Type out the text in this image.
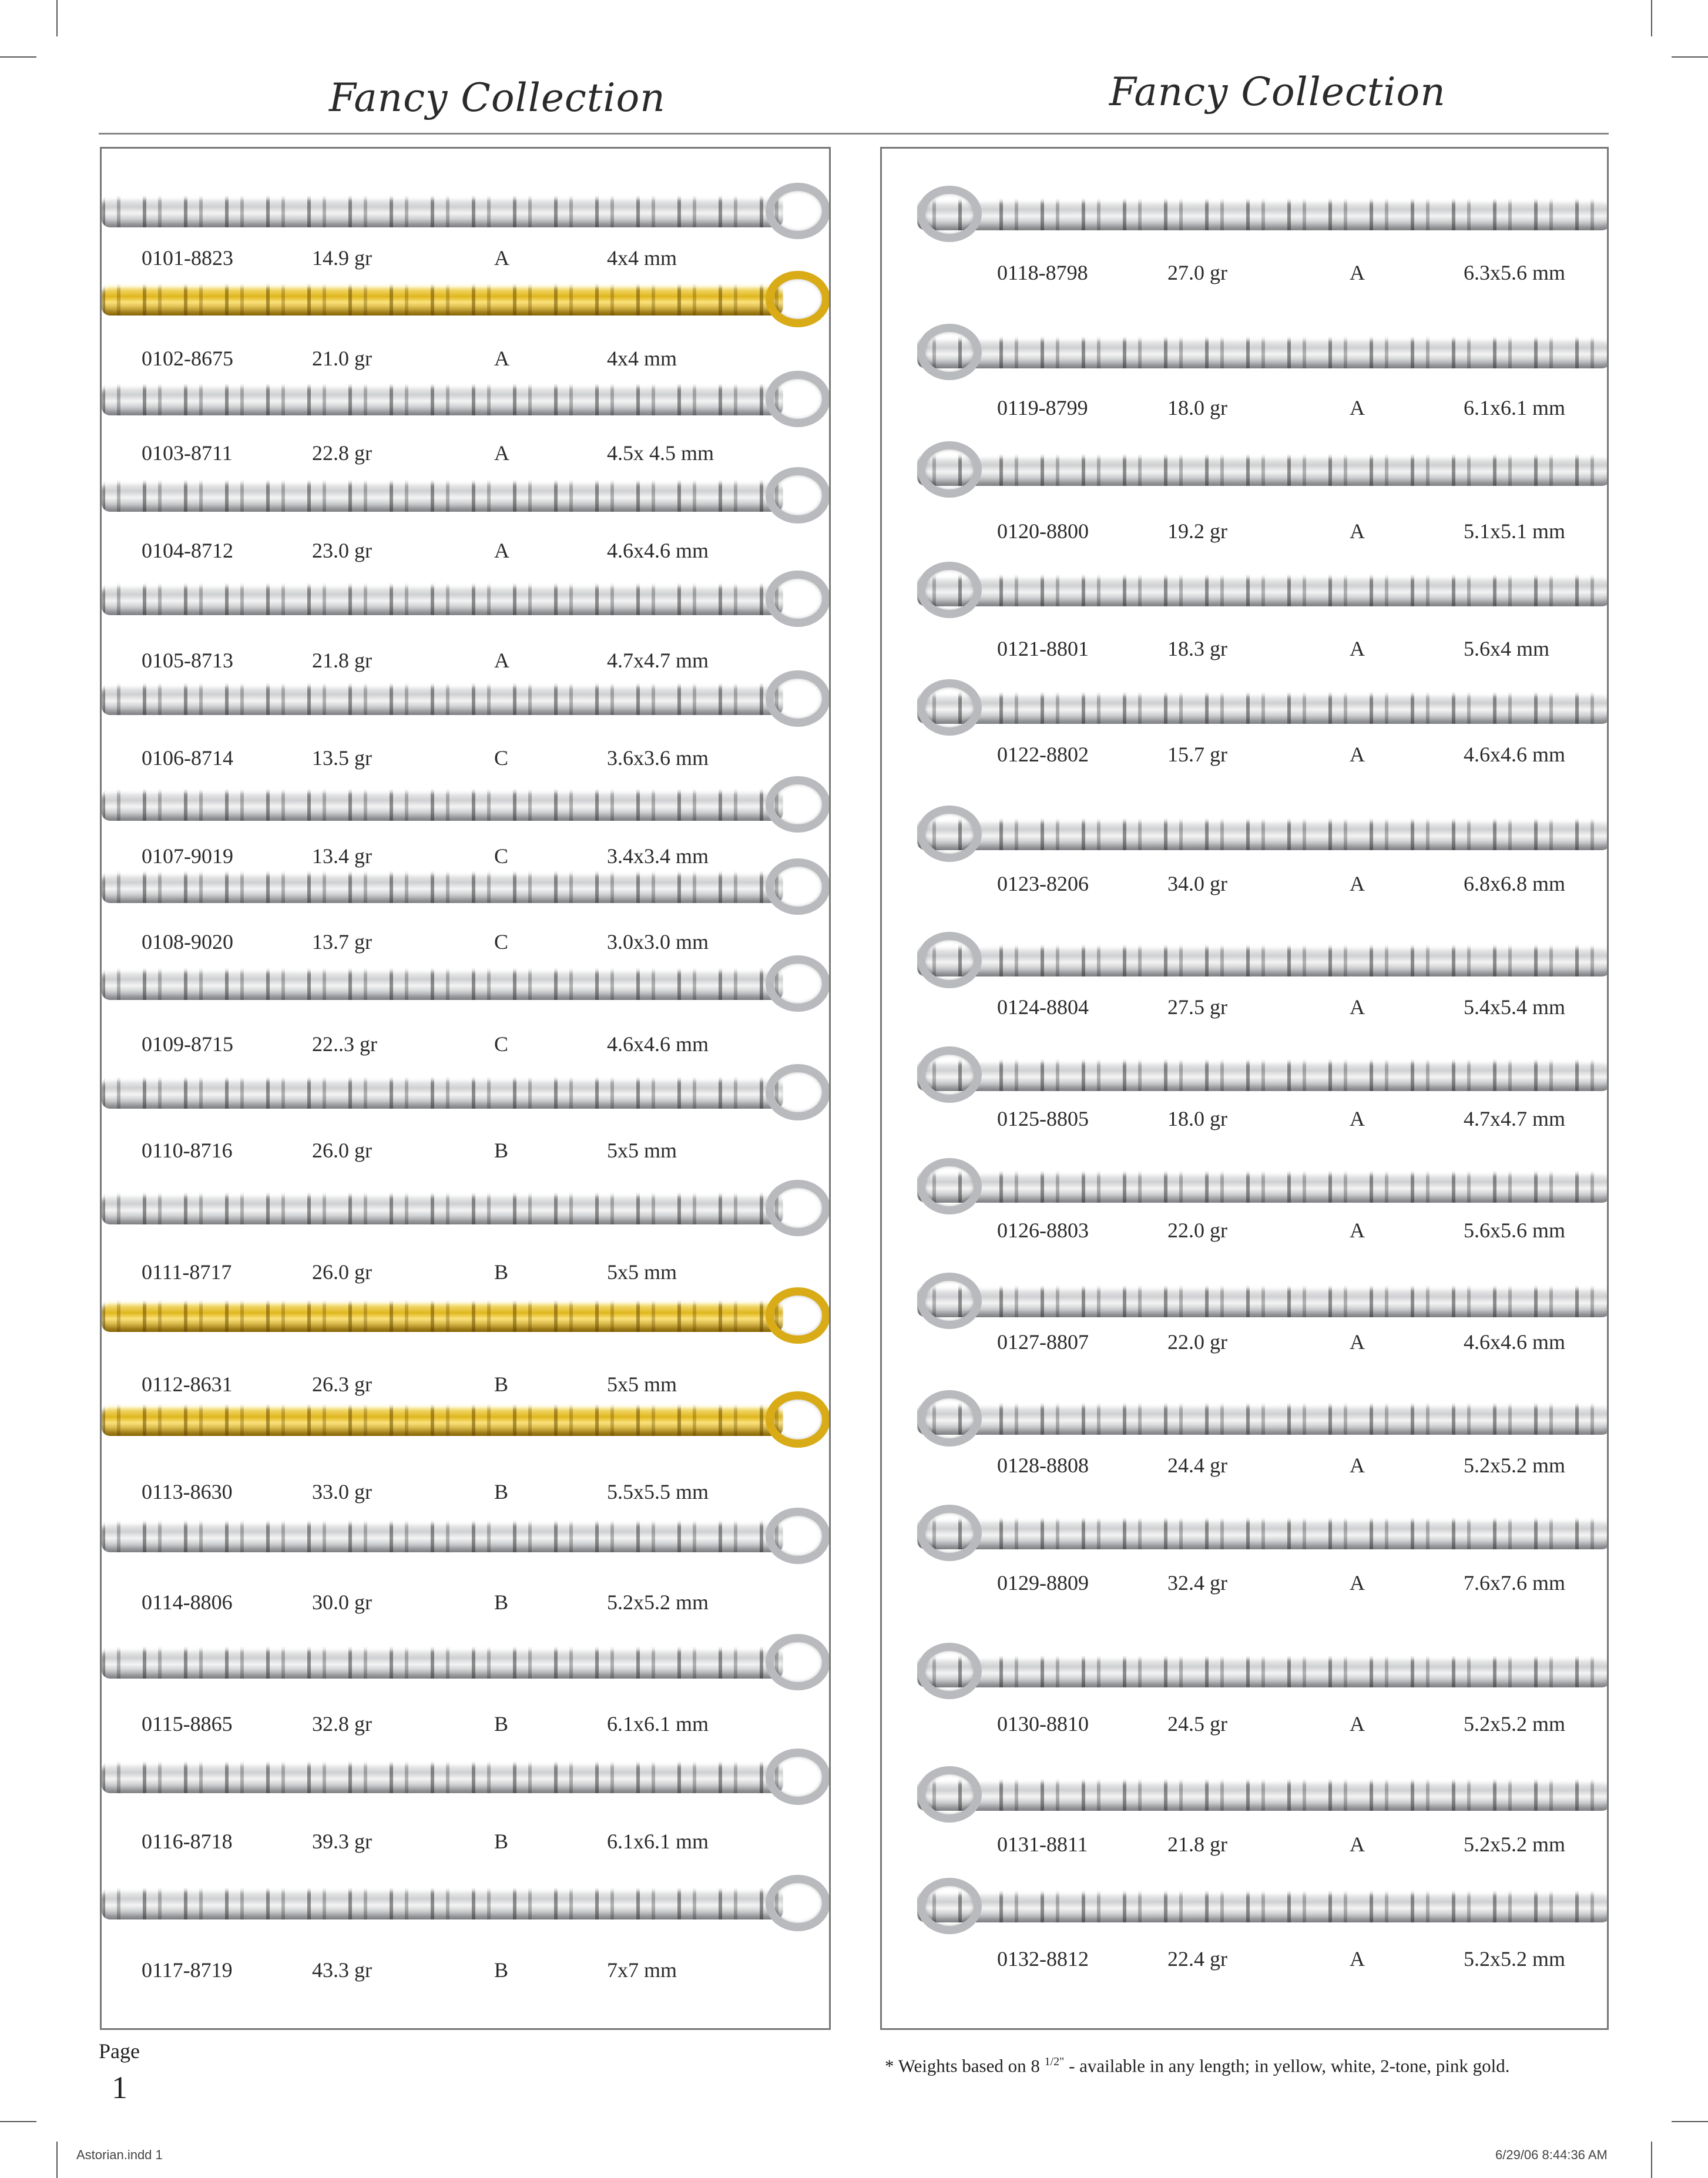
Fancy Collection	Fancy Collection
0101-8823	14.9 gr	A	4x4 mm
0102-8675	21.0 gr	A	4x4 mm
0103-8711	22.8 gr	A	4.5x 4.5 mm
0104-8712	23.0 gr	A	4.6x4.6 mm
0105-8713	21.8 gr	A	4.7x4.7 mm
0106-8714	13.5 gr	C	3.6x3.6 mm
0107-9019	13.4 gr	C	3.4x3.4 mm
0108-9020	13.7 gr	C	3.0x3.0 mm
0109-8715	22..3 gr	C	4.6x4.6 mm
0110-8716	26.0 gr	B	5x5 mm
0111-8717	26.0 gr	B	5x5 mm
0112-8631	26.3 gr	B	5x5 mm
0113-8630	33.0 gr	B	5.5x5.5 mm
0114-8806	30.0 gr	B	5.2x5.2 mm
0115-8865	32.8 gr	B	6.1x6.1 mm
0116-8718	39.3 gr	B	6.1x6.1 mm
0117-8719	43.3 gr	B	7x7 mm
0118-8798	27.0 gr	A	6.3x5.6 mm
0119-8799	18.0 gr	A	6.1x6.1 mm
0120-8800	19.2 gr	A	5.1x5.1 mm
0121-8801	18.3 gr	A	5.6x4 mm
0122-8802	15.7 gr	A	4.6x4.6 mm
0123-8206	34.0 gr	A	6.8x6.8 mm
0124-8804	27.5 gr	A	5.4x5.4 mm
0125-8805	18.0 gr	A	4.7x4.7 mm
0126-8803	22.0 gr	A	5.6x5.6 mm
0127-8807	22.0 gr	A	4.6x4.6 mm
0128-8808	24.4 gr	A	5.2x5.2 mm
0129-8809	32.4 gr	A	7.6x7.6 mm
0130-8810	24.5 gr	A	5.2x5.2 mm
0131-8811	21.8 gr	A	5.2x5.2 mm
0132-8812	22.4 gr	A	5.2x5.2 mm
Page
1
* Weights based on 8 $^{1/2"}$ - available in any length; in yellow, white, 2-tone, pink gold.
Astorian.indd 1	6/29/06 8:44:36 AM
